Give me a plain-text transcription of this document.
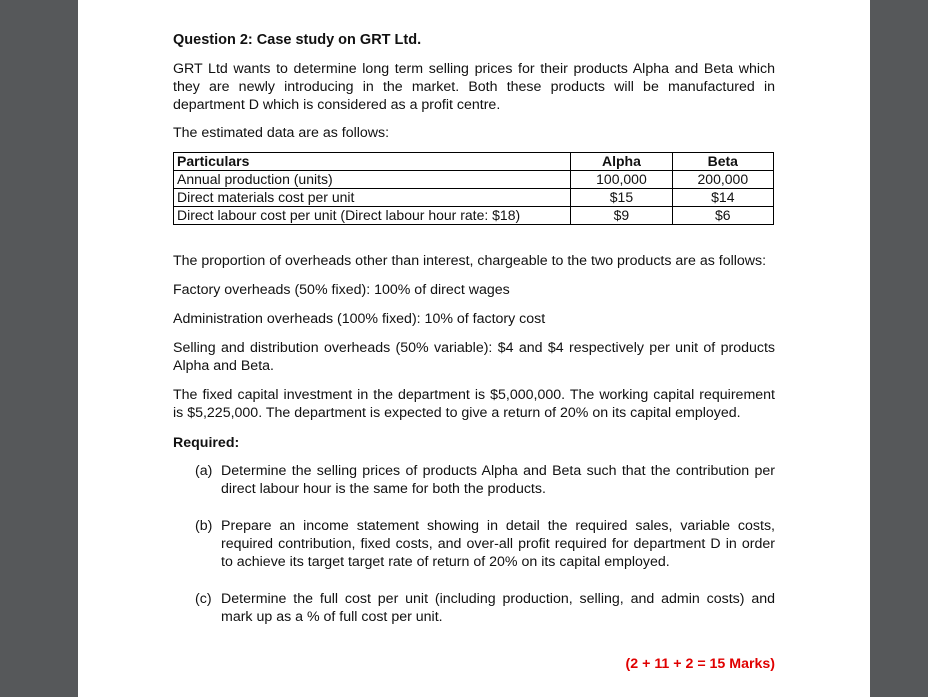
Question 2: Case study on GRT Ltd.

GRT Ltd wants to determine long term selling prices for their products Alpha and Beta which they are newly introducing in the market. Both these products will be manufactured in department D which is considered as a profit centre.

The estimated data are as follows:

Particulars	Alpha	Beta
Annual production (units)	100,000	200,000
Direct materials cost per unit	$15	$14
Direct labour cost per unit (Direct labour hour rate: $18)	$9	$6

The proportion of overheads other than interest, chargeable to the two products are as follows:

Factory overheads (50% fixed): 100% of direct wages

Administration overheads (100% fixed): 10% of factory cost

Selling and distribution overheads (50% variable): $4 and $4 respectively per unit of products Alpha and Beta.

The fixed capital investment in the department is $5,000,000. The working capital requirement is $5,225,000. The department is expected to give a return of 20% on its capital employed.

Required:

(a) Determine the selling prices of products Alpha and Beta such that the contribution per direct labour hour is the same for both the products.
(b) Prepare an income statement showing in detail the required sales, variable costs, required contribution, fixed costs, and over-all profit required for department D in order to achieve its target target rate of return of 20% on its capital employed.
(c) Determine the full cost per unit (including production, selling, and admin costs) and mark up as a % of full cost per unit.
(2 + 11 + 2 = 15 Marks)
